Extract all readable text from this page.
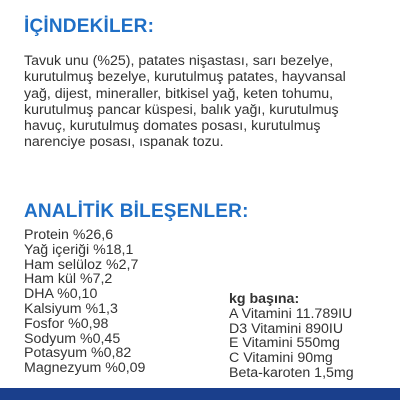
İÇİNDEKİLER:

Tavuk unu (%25), patates nişastası, sarı bezelye,
kurutulmuş bezelye, kurutulmuş patates, hayvansal
yağ, dijest, mineraller, bitkisel yağ, keten tohumu,
kurutulmuş pancar küspesi, balık yağı, kurutulmuş
havuç, kurutulmuş domates posası, kurutulmuş
narenciye posası, ıspanak tozu.

ANALİTİK BİLEŞENLER:
Protein %26,6
Yağ içeriği %18,1
Ham selüloz %2,7
Ham kül %7,2
DHA %0,10
Kalsiyum %1,3
Fosfor %0,98
Sodyum %0,45
Potasyum %0,82
Magnezyum %0,09
kg başına:
A Vitamini 11.789IU
D3 Vitamini 890IU
E Vitamini 550mg
C Vitamini 90mg
Beta-karoten 1,5mg
